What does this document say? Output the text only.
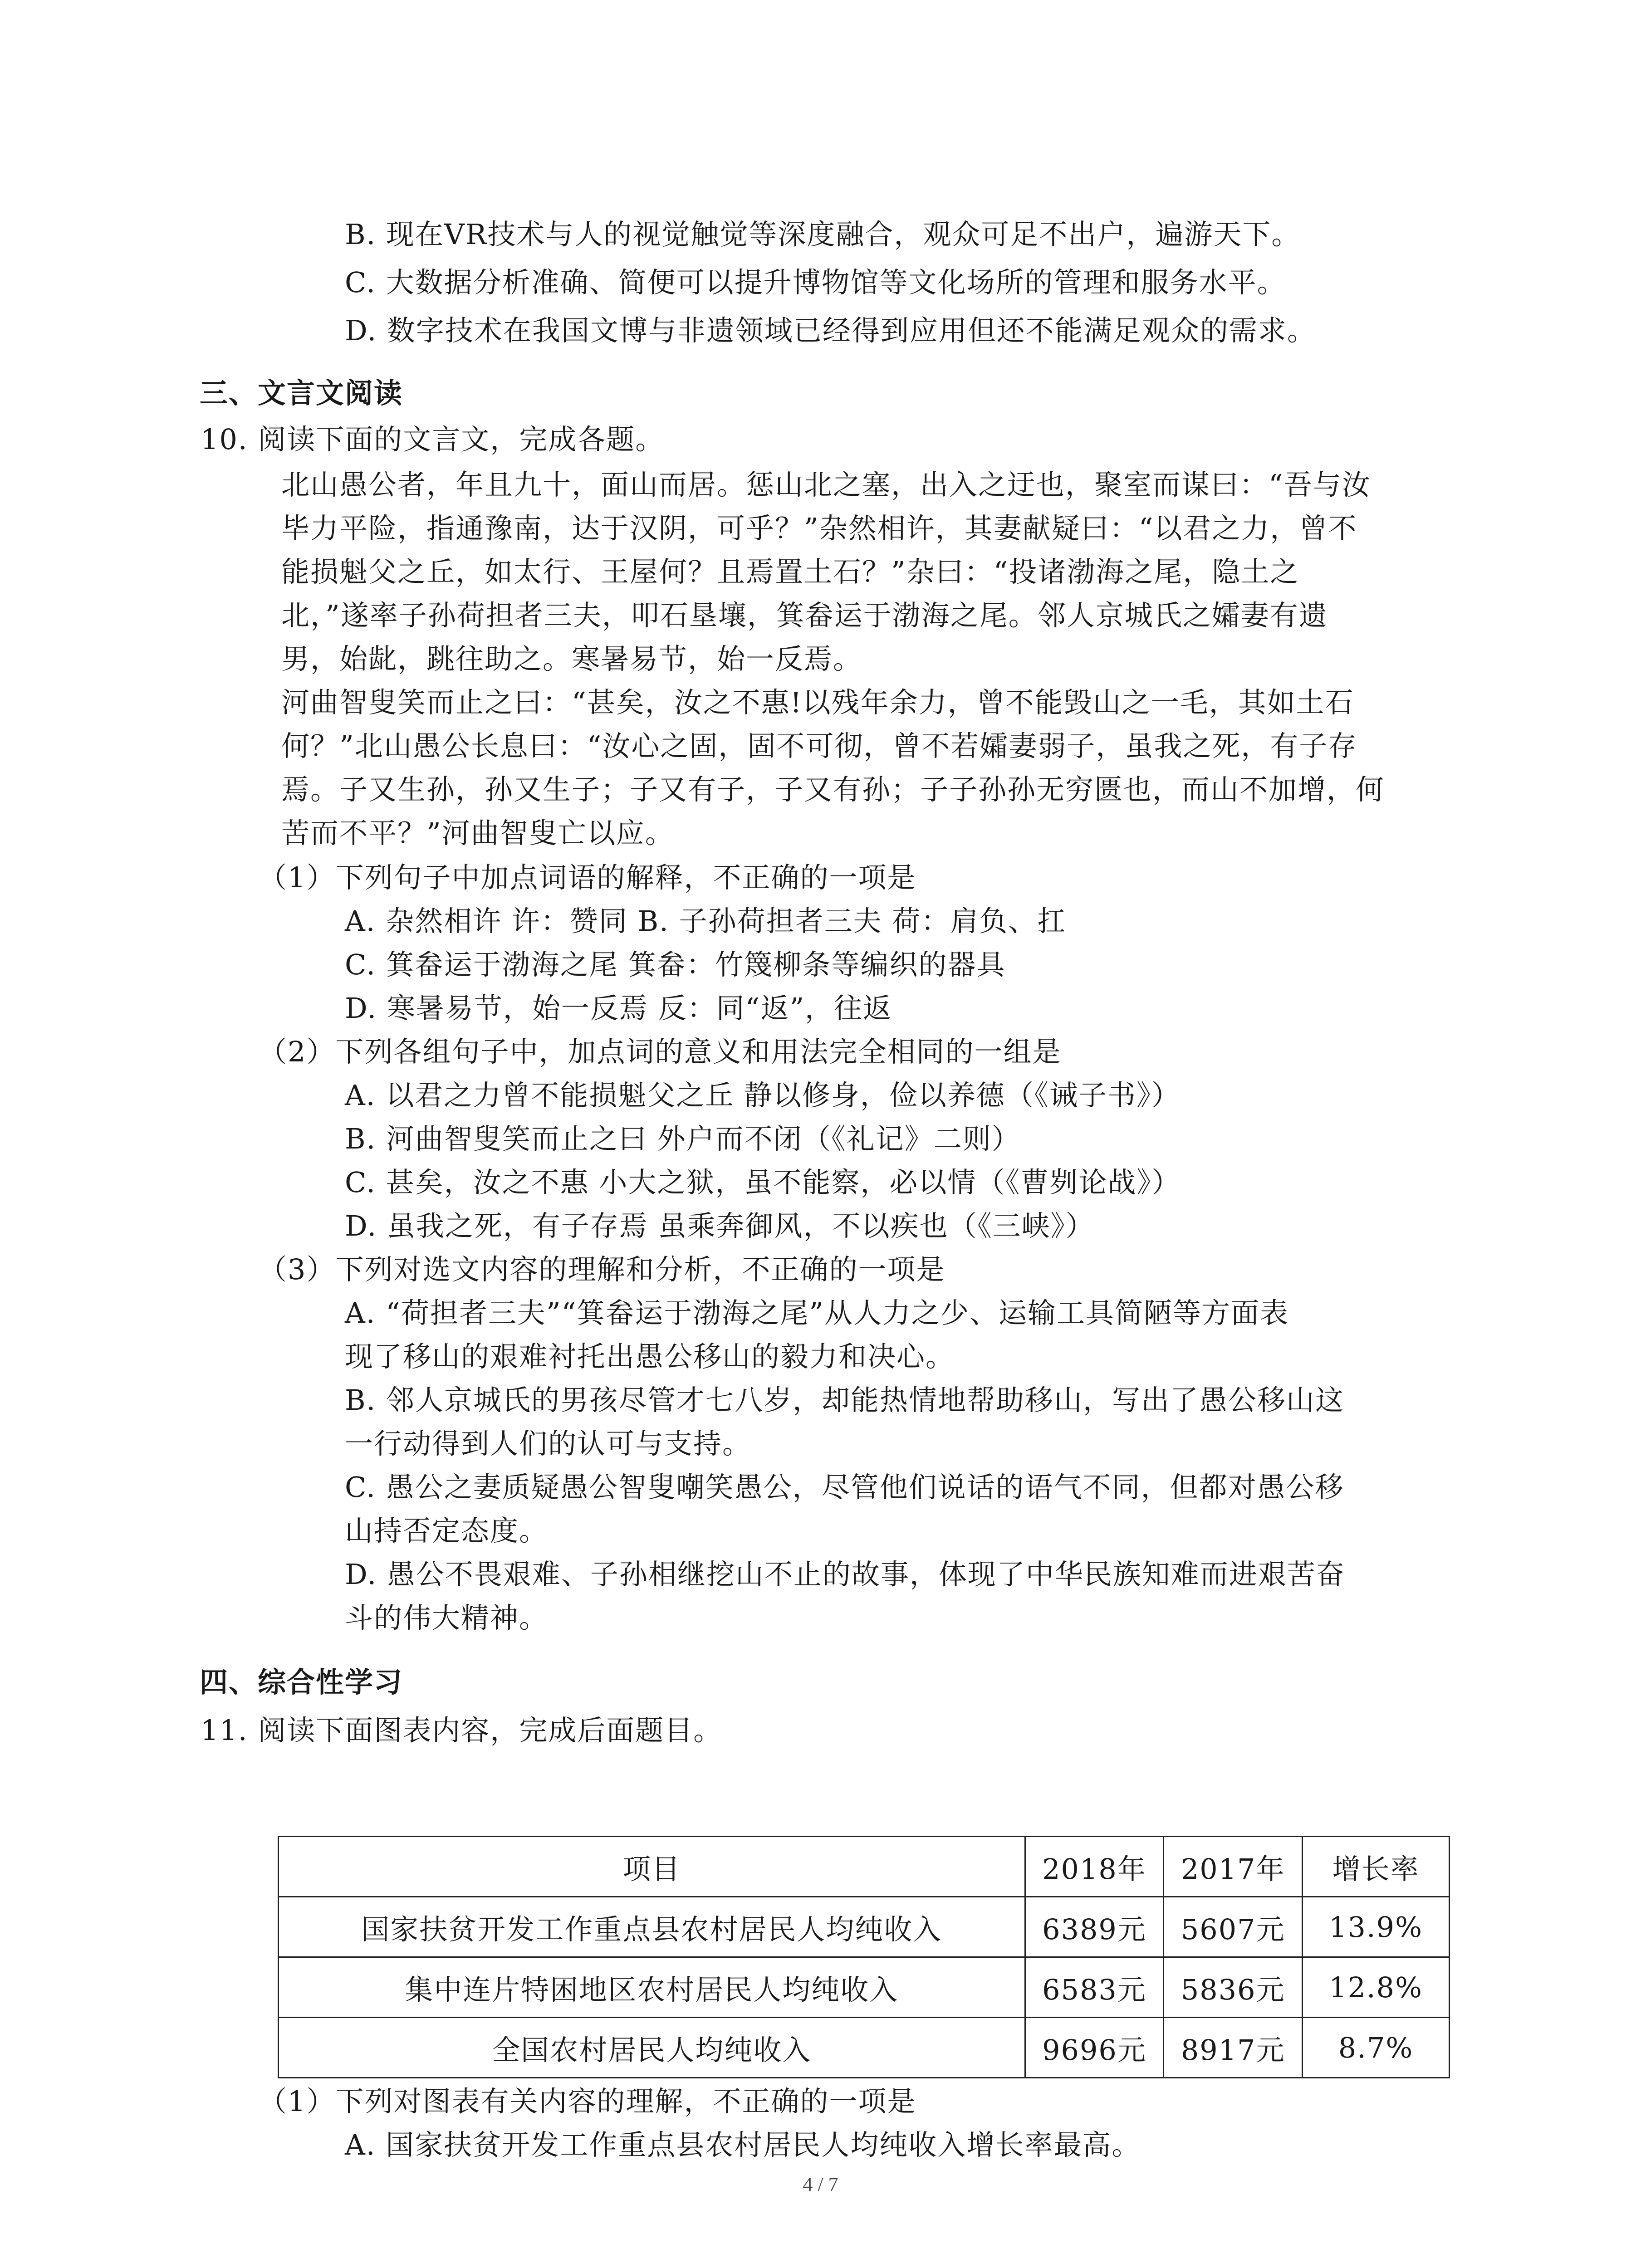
B. 现在VR技术与人的视觉触觉等深度融合，观众可足不出户，遍游天下。
C. 大数据分析准确、简便可以提升博物馆等文化场所的管理和服务水平。
D. 数字技术在我国文博与非遗领域已经得到应用但还不能满足观众的需求。
三、文言文阅读
10. 阅读下面的文言文，完成各题。
北山愚公者，年且九十，面山而居。惩山北之塞，出入之迂也，聚室而谋曰：“吾与汝
毕力平险，指通豫南，达于汉阴，可乎？”杂然相许，其妻献疑曰：“以君之力，曾不
能损魁父之丘，如太行、王屋何？且焉置土石？”杂曰：“投诸渤海之尾，隐土之
北，”遂率子孙荷担者三夫，叩石垦壤，箕畚运于渤海之尾。邻人京城氏之孀妻有遗
男，始龀，跳往助之。寒暑易节，始一反焉。
河曲智叟笑而止之曰：“甚矣，汝之不惠!以残年余力，曾不能毁山之一毛，其如土石
何？”北山愚公长息曰：“汝心之固，固不可彻，曾不若孀妻弱子，虽我之死，有子存
焉。子又生孙，孙又生子；子又有子，子又有孙；子子孙孙无穷匮也，而山不加增，何
苦而不平？”河曲智叟亡以应。
（1）下列句子中加点词语的解释，不正确的一项是
A. 杂然相许 许：赞同 B. 子孙荷担者三夫 荷：肩负、扛
C. 箕畚运于渤海之尾 箕畚：竹篾柳条等编织的器具
D. 寒暑易节，始一反焉 反：同“返”，往返
（2）下列各组句子中，加点词的意义和用法完全相同的一组是
A. 以君之力曾不能损魁父之丘 静以修身，俭以养德（《诫子书》）
B. 河曲智叟笑而止之曰 外户而不闭（《礼记》二则）
C. 甚矣，汝之不惠 小大之狱，虽不能察，必以情（《曹刿论战》）
D. 虽我之死，有子存焉 虽乘奔御风，不以疾也（《三峡》）
（3）下列对选文内容的理解和分析，不正确的一项是
A. “荷担者三夫”“箕畚运于渤海之尾”从人力之少、运输工具简陋等方面表
现了移山的艰难衬托出愚公移山的毅力和决心。
B. 邻人京城氏的男孩尽管才七八岁，却能热情地帮助移山，写出了愚公移山这
一行动得到人们的认可与支持。
C. 愚公之妻质疑愚公智叟嘲笑愚公，尽管他们说话的语气不同，但都对愚公移
山持否定态度。
D. 愚公不畏艰难、子孙相继挖山不止的故事，体现了中华民族知难而进艰苦奋
斗的伟大精神。
四、综合性学习
11. 阅读下面图表内容，完成后面题目。
项目	2018年	2017年	增长率
国家扶贫开发工作重点县农村居民人均纯收入	6389元	5607元	13.9%
集中连片特困地区农村居民人均纯收入	6583元	5836元	12.8%
全国农村居民人均纯收入	9696元	8917元	8.7%
（1）下列对图表有关内容的理解，不正确的一项是
A. 国家扶贫开发工作重点县农村居民人均纯收入增长率最高。
4 / 7
